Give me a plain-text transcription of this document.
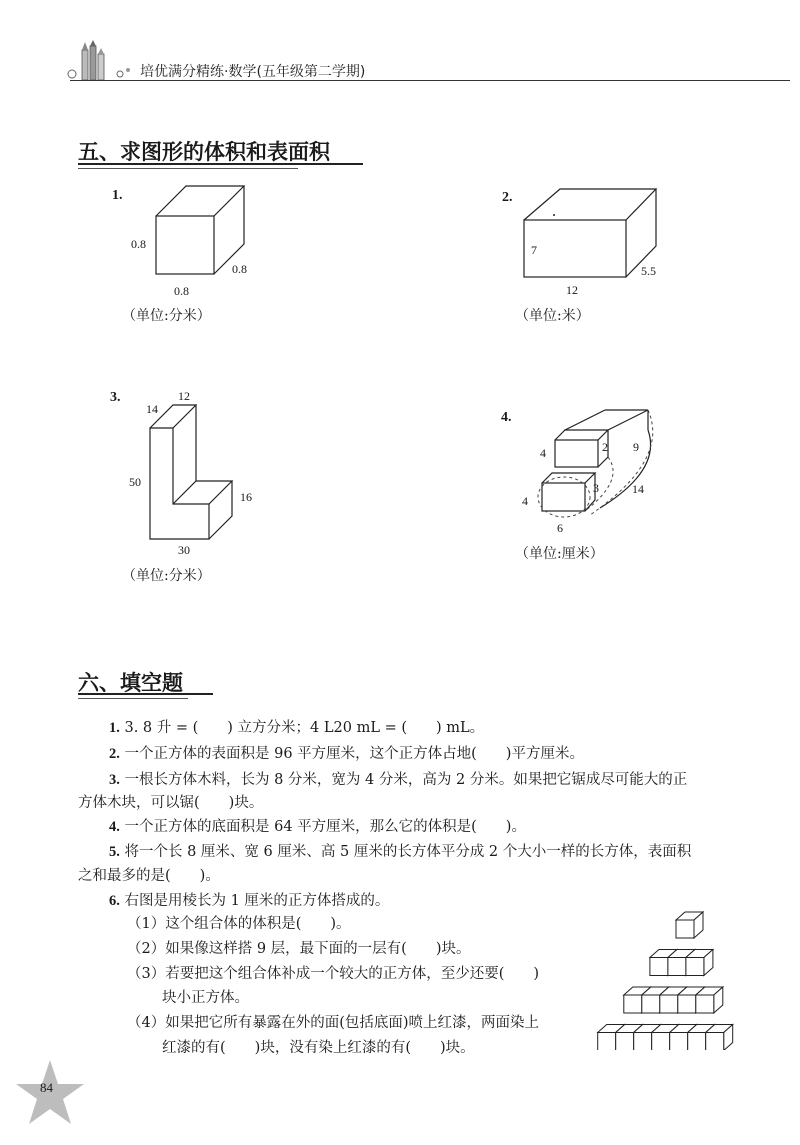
培优满分精练·数学(五年级第二学期)
五、求图形的体积和表面积
1.
0.8
0.8
0.8
（单位:分米）
2.
7
5.5
12
（单位:米）
3.
14
12
50
16
30
（单位:分米）
4.
4	2 9
4
3	14
6
（单位:厘米）
六、填空题
1. 3. 8 升 = (　　) 立方分米；4 L20 mL = (　　) mL。
2. 一个正方体的表面积是 96 平方厘米，这个正方体占地(　　)平方厘米。
3. 一根长方体木料，长为 8 分米，宽为 4 分米，高为 2 分米。如果把它锯成尽可能大的正
方体木块，可以锯(　　)块。
4. 一个正方体的底面积是 64 平方厘米，那么它的体积是(　　)。
5. 将一个长 8 厘米、宽 6 厘米、高 5 厘米的长方体平分成 2 个大小一样的长方体，表面积
之和最多的是(　　)。
6. 右图是用棱长为 1 厘米的正方体搭成的。
（1）这个组合体的体积是(　　)。
（2）如果像这样搭 9 层，最下面的一层有(　　)块。
（3）若要把这个组合体补成一个较大的正方体，至少还要(　　)
块小正方体。
（4）如果把它所有暴露在外的面(包括底面)喷上红漆，两面染上
红漆的有(　　)块，没有染上红漆的有(　　)块。
84
